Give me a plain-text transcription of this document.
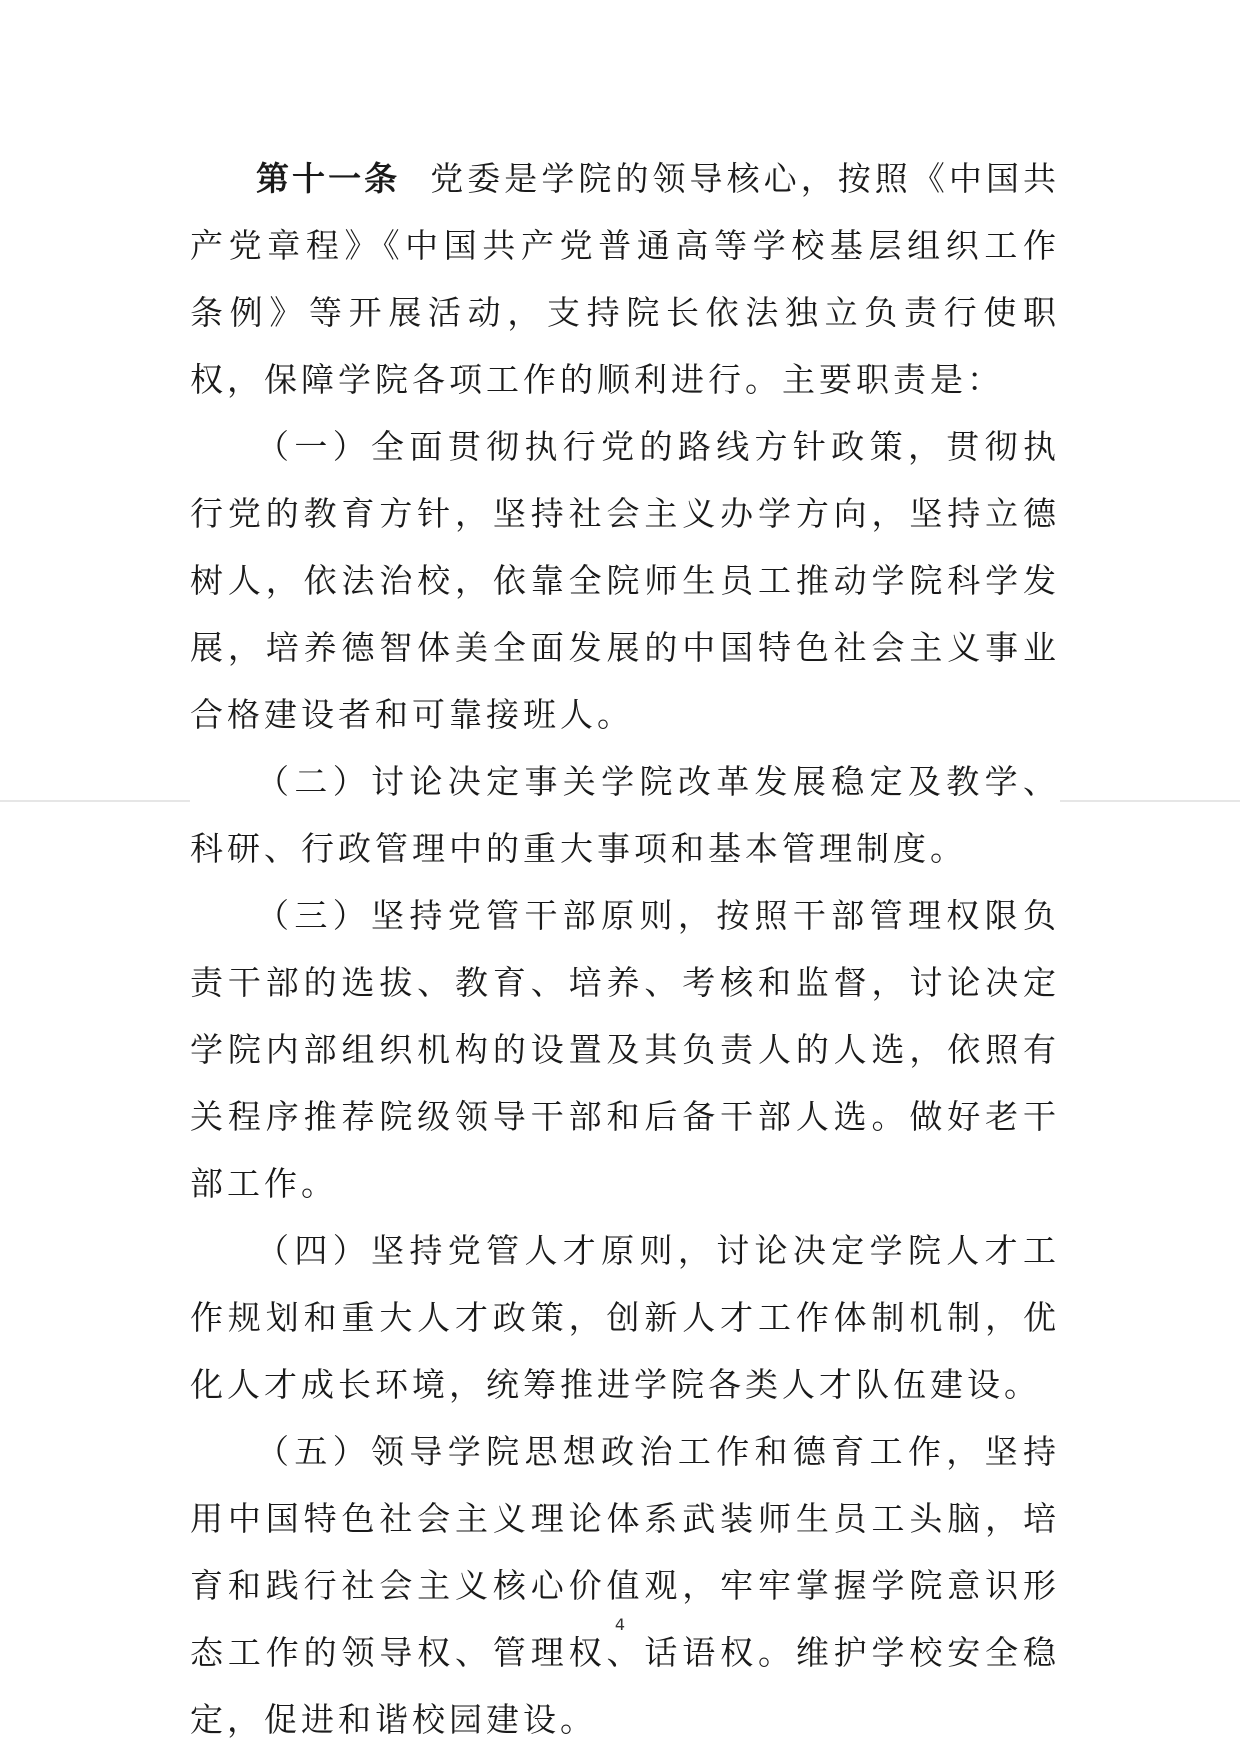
第十一条 党委是学院的领导核心，按照《中国共产党章程》《中国共产党普通高等学校基层组织工作条例》等开展活动，支持院长依法独立负责行使职权，保障学院各项工作的顺利进行。主要职责是：

（一）全面贯彻执行党的路线方针政策，贯彻执行党的教育方针，坚持社会主义办学方向，坚持立德树人，依法治校，依靠全院师生员工推动学院科学发展，培养德智体美全面发展的中国特色社会主义事业合格建设者和可靠接班人。

（二）讨论决定事关学院改革发展稳定及教学、科研、行政管理中的重大事项和基本管理制度。

（三）坚持党管干部原则，按照干部管理权限负责干部的选拔、教育、培养、考核和监督，讨论决定学院内部组织机构的设置及其负责人的人选，依照有关程序推荐院级领导干部和后备干部人选。做好老干部工作。

（四）坚持党管人才原则，讨论决定学院人才工作规划和重大人才政策，创新人才工作体制机制，优化人才成长环境，统筹推进学院各类人才队伍建设。

（五）领导学院思想政治工作和德育工作，坚持用中国特色社会主义理论体系武装师生员工头脑，培育和践行社会主义核心价值观，牢牢掌握学院意识形态工作的领导权、管理权、话语权。维护学校安全稳定，促进和谐校园建设。

4
